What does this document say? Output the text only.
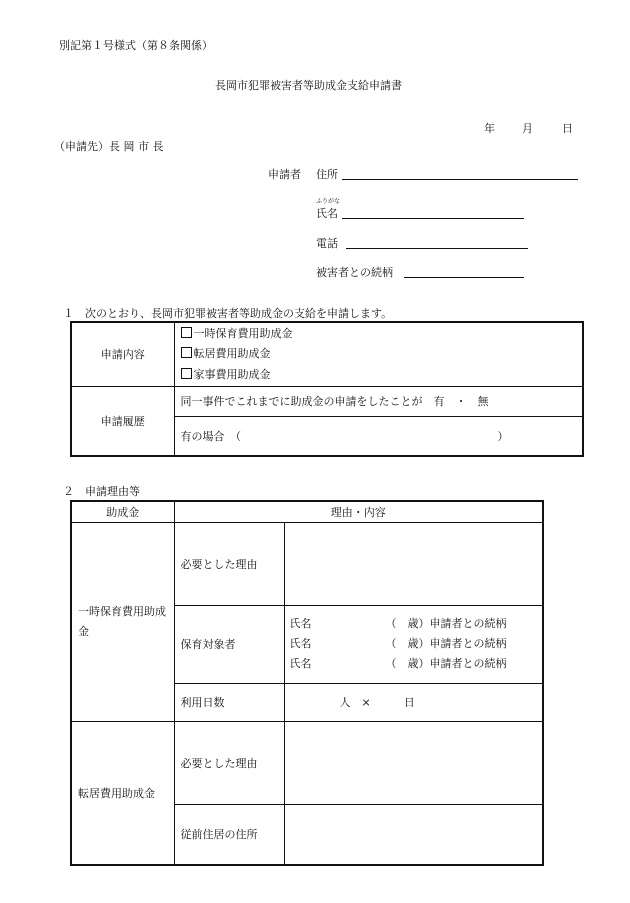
別記第１号様式（第８条関係）
長岡市犯罪被害者等助成金支給申請書
年 月	日
（申請先）長 岡 市 長
申請者 住所
ふりがな
氏名
電話
被害者との続柄
１　次のとおり、長岡市犯罪被害者等助成金の支給を申請します。
申請内容	一時保育費用助成金
転居費用助成金
家事費用助成金

申請履歴	同一事件でこれまでに助成金の申請をしたことが　有　・　無
	有の場合　（ ）
２　申請理由等
助成金	理由・内容	
一時保育費用助成金	必要とした理由	
	保育対象者	氏名 （　歳）申請者との続柄
氏名 （　歳）申請者との続柄
氏名 （　歳）申請者との続柄

	利用日数	人　×　　　日
転居費用助成金	必要とした理由	
	従前住居の住所	
